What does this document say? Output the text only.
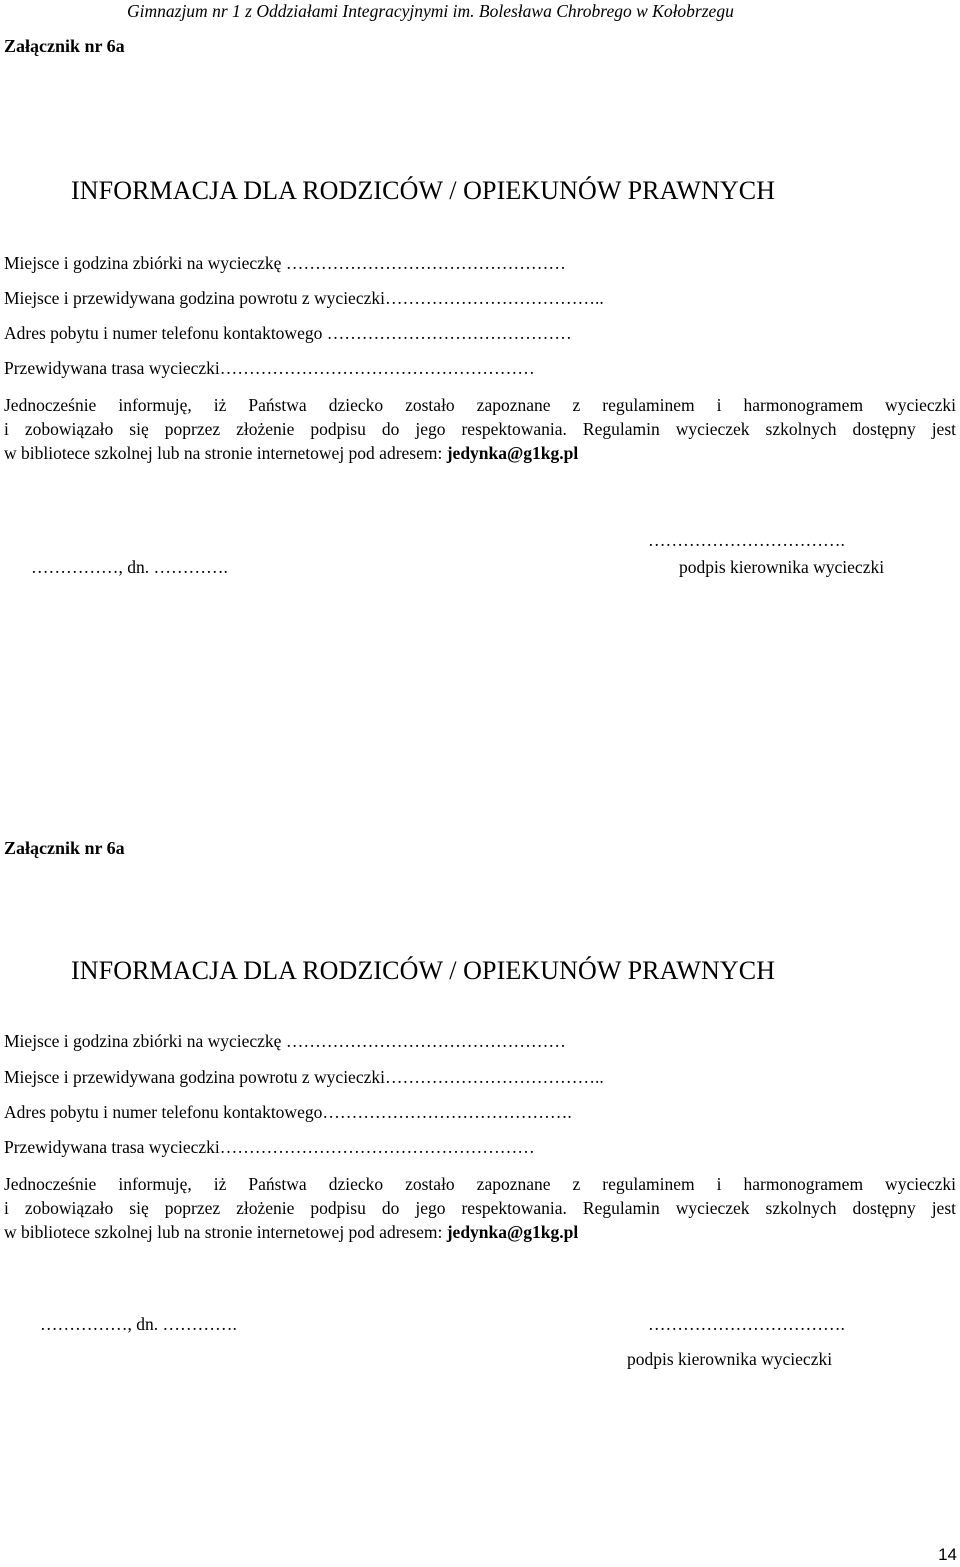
Gimnazjum nr 1 z Oddziałami Integracyjnymi im. Bolesława Chrobrego w Kołobrzegu
Załącznik nr 6a
INFORMACJA DLA RODZICÓW / OPIEKUNÓW PRAWNYCH
Miejsce i godzina zbiórki na wycieczkę …………………………………………
Miejsce i przewidywana godzina powrotu z wycieczki………………………………..
Adres pobytu i numer telefonu kontaktowego ……………………………………
Przewidywana trasa wycieczki………………………………………………
Jednocześnie informuję, iż Państwa dziecko zostało zapoznane z regulaminem i harmonogramem wycieczki
i zobowiązało się poprzez złożenie podpisu do jego respektowania. Regulamin wycieczek szkolnych dostępny jest
w bibliotece szkolnej lub na stronie internetowej pod adresem: jedynka@g1kg.pl
……………, dn. ………….
…………………………….
podpis kierownika wycieczki
Załącznik nr 6a
INFORMACJA DLA RODZICÓW / OPIEKUNÓW PRAWNYCH
Miejsce i godzina zbiórki na wycieczkę …………………………………………
Miejsce i przewidywana godzina powrotu z wycieczki………………………………..
Adres pobytu i numer telefonu kontaktowego…………………………………….
Przewidywana trasa wycieczki………………………………………………
Jednocześnie informuję, iż Państwa dziecko zostało zapoznane z regulaminem i harmonogramem wycieczki
i zobowiązało się poprzez złożenie podpisu do jego respektowania. Regulamin wycieczek szkolnych dostępny jest
w bibliotece szkolnej lub na stronie internetowej pod adresem: jedynka@g1kg.pl
……………, dn. ………….	…………………………….
podpis kierownika wycieczki
14
